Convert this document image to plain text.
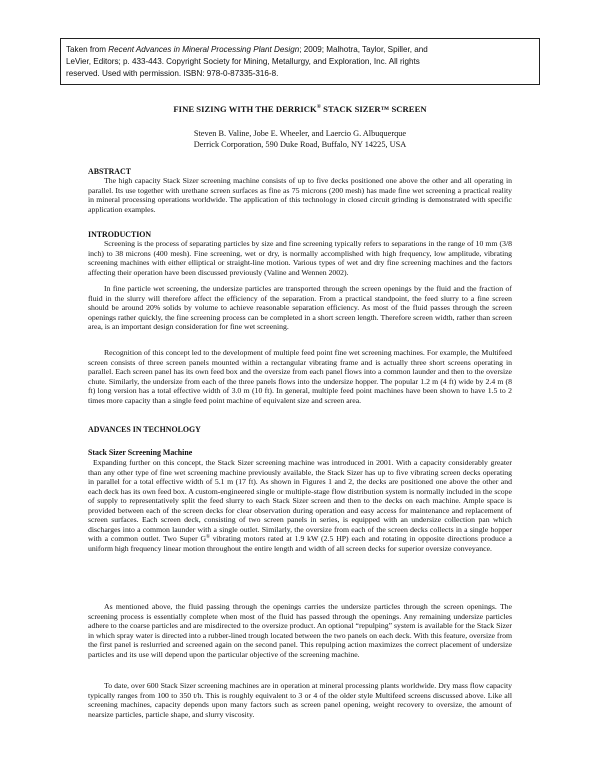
Taken from Recent Advances in Mineral Processing Plant Design; 2009; Malhotra, Taylor, Spiller, and
LeVier, Editors; p. 433-443. Copyright Society for Mining, Metallurgy, and Exploration, Inc. All rights
reserved. Used with permission. ISBN: 978-0-87335-316-8.
FINE SIZING WITH THE DERRICK® STACK SIZER™ SCREEN
Steven B. Valine, Jobe E. Wheeler, and Laercio G. Albuquerque
Derrick Corporation, 590 Duke Road, Buffalo, NY 14225, USA
ABSTRACT

The high capacity Stack Sizer screening machine consists of up to five decks positioned one above the other and all operating in parallel. Its use together with urethane screen surfaces as fine as 75 microns (200 mesh) has made fine wet screening a practical reality in mineral processing operations worldwide. The application of this technology in closed circuit grinding is demonstrated with specific application examples.

INTRODUCTION

Screening is the process of separating particles by size and fine screening typically refers to separations in the range of 10 mm (3/8 inch) to 38 microns (400 mesh). Fine screening, wet or dry, is normally accomplished with high frequency, low amplitude, vibrating screening machines with either elliptical or straight-line motion. Various types of wet and dry fine screening machines and the factors affecting their operation have been discussed previously (Valine and Wennen 2002).

In fine particle wet screening, the undersize particles are transported through the screen openings by the fluid and the fraction of fluid in the slurry will therefore affect the efficiency of the separation. From a practical standpoint, the feed slurry to a fine screen should be around 20% solids by volume to achieve reasonable separation efficiency. As most of the fluid passes through the screen openings rather quickly, the fine screening process can be completed in a short screen length. Therefore screen width, rather than screen area, is an important design consideration for fine wet screening.

Recognition of this concept led to the development of multiple feed point fine wet screening machines. For example, the Multifeed screen consists of three screen panels mounted within a rectangular vibrating frame and is actually three short screens operating in parallel. Each screen panel has its own feed box and the oversize from each panel flows into a common launder and then to the oversize chute. Similarly, the undersize from each of the three panels flows into the undersize hopper. The popular 1.2 m (4 ft) wide by 2.4 m (8 ft) long version has a total effective width of 3.0 m (10 ft). In general, multiple feed point machines have been shown to have 1.5 to 2 times more capacity than a single feed point machine of equivalent size and screen area.

ADVANCES IN TECHNOLOGY
Stack Sizer Screening Machine

Expanding further on this concept, the Stack Sizer screening machine was introduced in 2001. With a capacity considerably greater than any other type of fine wet screening machine previously available, the Stack Sizer has up to five vibrating screen decks operating in parallel for a total effective width of 5.1 m (17 ft). As shown in Figures 1 and 2, the decks are positioned one above the other and each deck has its own feed box. A custom-engineered single or multiple-stage flow distribution system is normally included in the scope of supply to representatively split the feed slurry to each Stack Sizer screen and then to the decks on each machine. Ample space is provided between each of the screen decks for clear observation during operation and easy access for maintenance and replacement of screen surfaces. Each screen deck, consisting of two screen panels in series, is equipped with an undersize collection pan which discharges into a common launder with a single outlet. Similarly, the oversize from each of the screen decks collects in a single hopper with a common outlet. Two Super G® vibrating motors rated at 1.9 kW (2.5 HP) each and rotating in opposite directions produce a uniform high frequency linear motion throughout the entire length and width of all screen decks for superior oversize conveyance.

As mentioned above, the fluid passing through the openings carries the undersize particles through the screen openings. The screening process is essentially complete when most of the fluid has passed through the openings. Any remaining undersize particles adhere to the coarse particles and are misdirected to the oversize product. An optional “repulping” system is available for the Stack Sizer in which spray water is directed into a rubber-lined trough located between the two panels on each deck. With this feature, oversize from the first panel is reslurried and screened again on the second panel. This repulping action maximizes the correct placement of undersize particles and its use will depend upon the particular objective of the screening machine.

To date, over 600 Stack Sizer screening machines are in operation at mineral processing plants worldwide. Dry mass flow capacity typically ranges from 100 to 350 t/h. This is roughly equivalent to 3 or 4 of the older style Multifeed screens discussed above. Like all screening machines, capacity depends upon many factors such as screen panel opening, weight recovery to oversize, the amount of nearsize particles, particle shape, and slurry viscosity.
